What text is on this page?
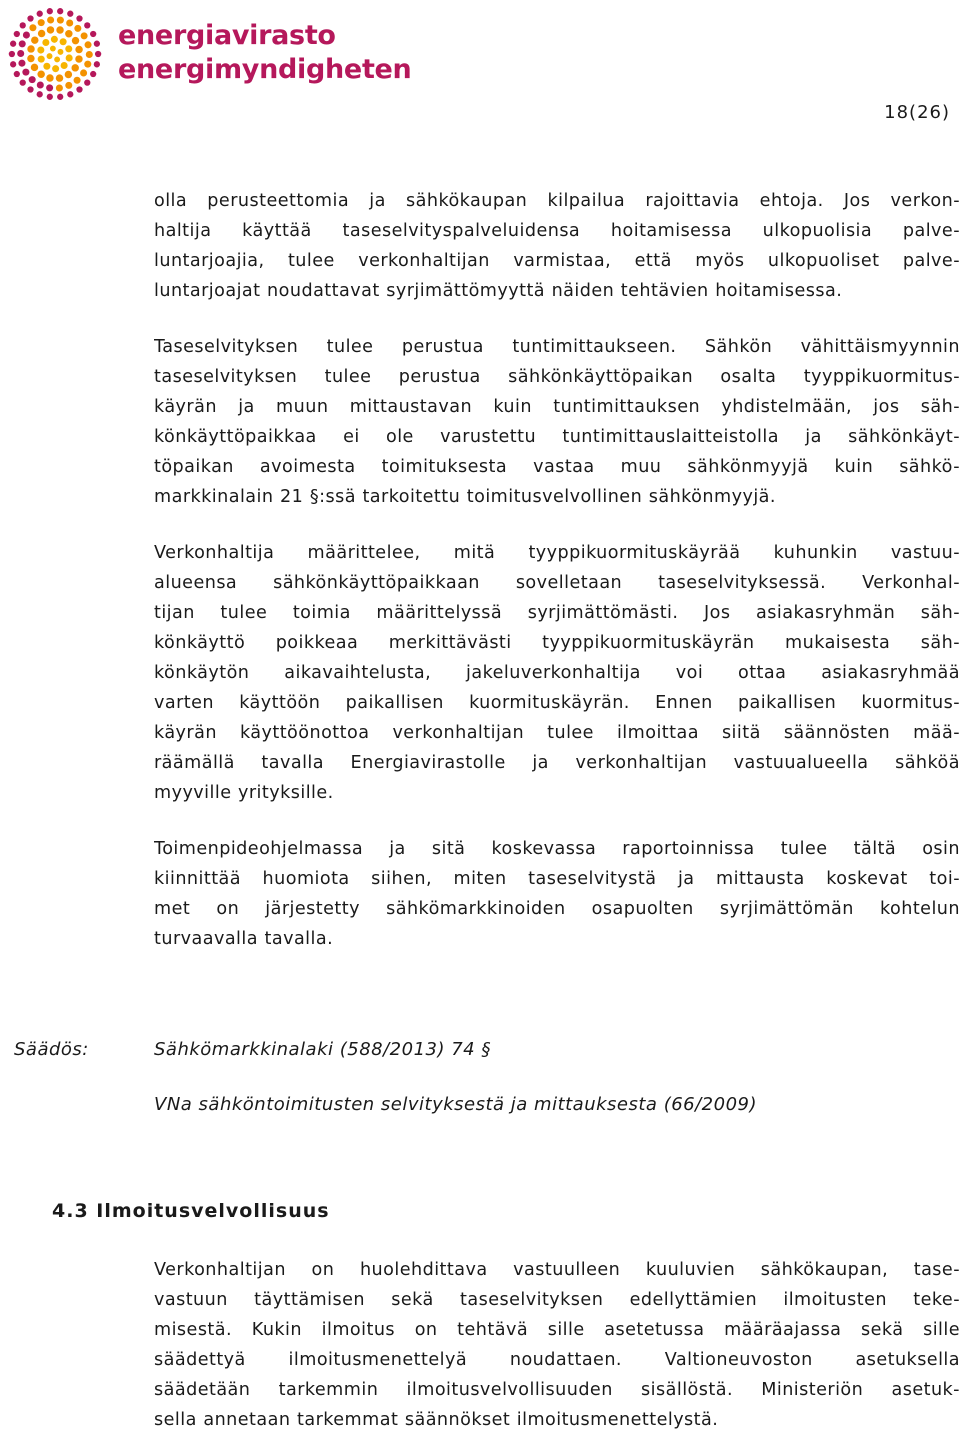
energiavirasto
energimyndigheten
18(26)
olla perusteettomia ja sähkökaupan kilpailua rajoittavia ehtoja. Jos verkon-
haltija käyttää taseselvityspalveluidensa hoitamisessa ulkopuolisia palve-
luntarjoajia, tulee verkonhaltijan varmistaa, että myös ulkopuoliset palve-
luntarjoajat noudattavat syrjimättömyyttä näiden tehtävien hoitamisessa.
Taseselvityksen tulee perustua tuntimittaukseen. Sähkön vähittäismyynnin
taseselvityksen tulee perustua sähkönkäyttöpaikan osalta tyyppikuormitus-
käyrän ja muun mittaustavan kuin tuntimittauksen yhdistelmään, jos säh-
könkäyttöpaikkaa ei ole varustettu tuntimittauslaitteistolla ja sähkönkäyt-
töpaikan avoimesta toimituksesta vastaa muu sähkönmyyjä kuin sähkö-
markkinalain 21 §:ssä tarkoitettu toimitusvelvollinen sähkönmyyjä.
Verkonhaltija määrittelee, mitä tyyppikuormituskäyrää kuhunkin vastuu-
alueensa sähkönkäyttöpaikkaan sovelletaan taseselvityksessä. Verkonhal-
tijan tulee toimia määrittelyssä syrjimättömästi. Jos asiakasryhmän säh-
könkäyttö poikkeaa merkittävästi tyyppikuormituskäyrän mukaisesta säh-
könkäytön aikavaihtelusta, jakeluverkonhaltija voi ottaa asiakasryhmää
varten käyttöön paikallisen kuormituskäyrän. Ennen paikallisen kuormitus-
käyrän käyttöönottoa verkonhaltijan tulee ilmoittaa siitä säännösten mää-
räämällä tavalla Energiavirastolle ja verkonhaltijan vastuualueella sähköä
myyville yrityksille.
Toimenpideohjelmassa ja sitä koskevassa raportoinnissa tulee tältä osin
kiinnittää huomiota siihen, miten taseselvitystä ja mittausta koskevat toi-
met on järjestetty sähkömarkkinoiden osapuolten syrjimättömän kohtelun
turvaavalla tavalla.
Säädös:	Sähkömarkkinalaki (588/2013) 74 §
VNa sähköntoimitusten selvityksestä ja mittauksesta (66/2009)
4.3 Ilmoitusvelvollisuus
Verkonhaltijan on huolehdittava vastuulleen kuuluvien sähkökaupan, tase-
vastuun täyttämisen sekä taseselvityksen edellyttämien ilmoitusten teke-
misestä. Kukin ilmoitus on tehtävä sille asetetussa määräajassa sekä sille
säädettyä ilmoitusmenettelyä noudattaen. Valtioneuvoston asetuksella
säädetään tarkemmin ilmoitusvelvollisuuden sisällöstä. Ministeriön asetuk-
sella annetaan tarkemmat säännökset ilmoitusmenettelystä.
